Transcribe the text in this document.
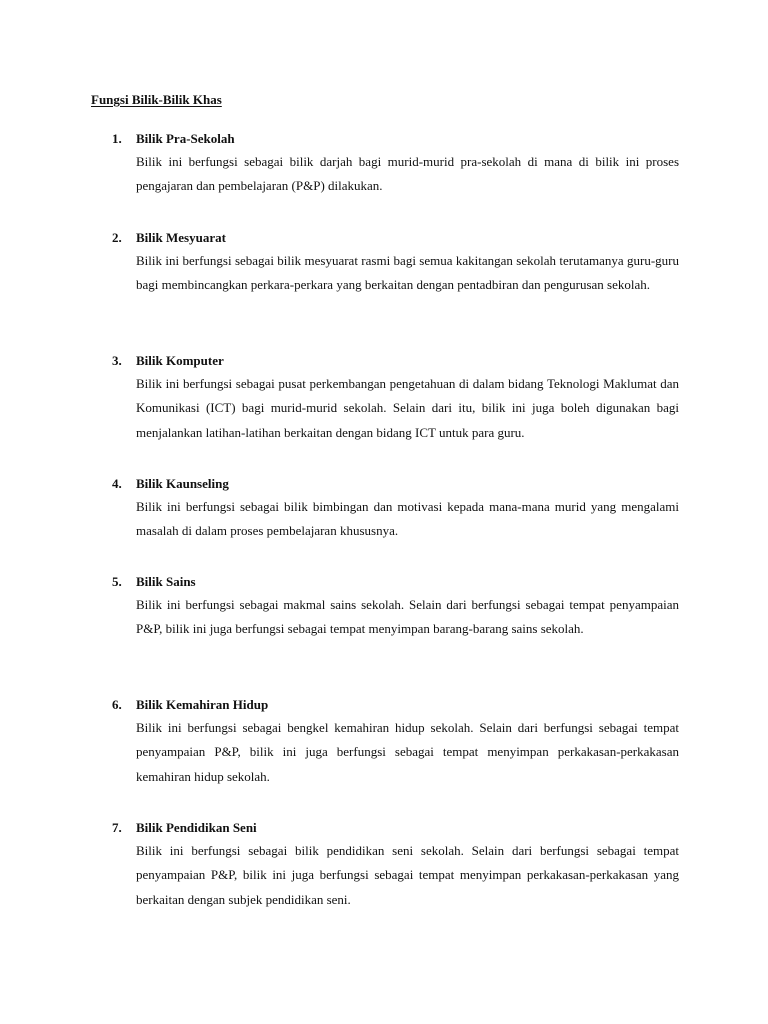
Fungsi Bilik-Bilik Khas
1. Bilik Pra-Sekolah
Bilik ini berfungsi sebagai bilik darjah bagi murid-murid pra-sekolah di mana di bilik ini proses pengajaran dan pembelajaran (P&P) dilakukan.
2. Bilik Mesyuarat
Bilik ini berfungsi sebagai bilik mesyuarat rasmi bagi semua kakitangan sekolah terutamanya guru-guru bagi membincangkan perkara-perkara yang berkaitan dengan pentadbiran dan pengurusan sekolah.
3. Bilik Komputer
Bilik ini berfungsi sebagai pusat perkembangan pengetahuan di dalam bidang Teknologi Maklumat dan Komunikasi (ICT) bagi murid-murid sekolah. Selain dari itu, bilik ini juga boleh digunakan bagi menjalankan latihan-latihan berkaitan dengan bidang ICT untuk para guru.
4. Bilik Kaunseling
Bilik ini berfungsi sebagai bilik bimbingan dan motivasi kepada mana-mana murid yang mengalami masalah di dalam proses pembelajaran khususnya.
5. Bilik Sains
Bilik ini berfungsi sebagai makmal sains sekolah. Selain dari berfungsi sebagai tempat penyampaian P&P, bilik ini juga berfungsi sebagai tempat menyimpan barang-barang sains sekolah.
6. Bilik Kemahiran Hidup
Bilik ini berfungsi sebagai bengkel kemahiran hidup sekolah. Selain dari berfungsi sebagai tempat penyampaian P&P, bilik ini juga berfungsi sebagai tempat menyimpan perkakasan-perkakasan kemahiran hidup sekolah.
7. Bilik Pendidikan Seni
Bilik ini berfungsi sebagai bilik pendidikan seni sekolah. Selain dari berfungsi sebagai tempat penyampaian P&P, bilik ini juga berfungsi sebagai tempat menyimpan perkakasan-perkakasan yang berkaitan dengan subjek pendidikan seni.
